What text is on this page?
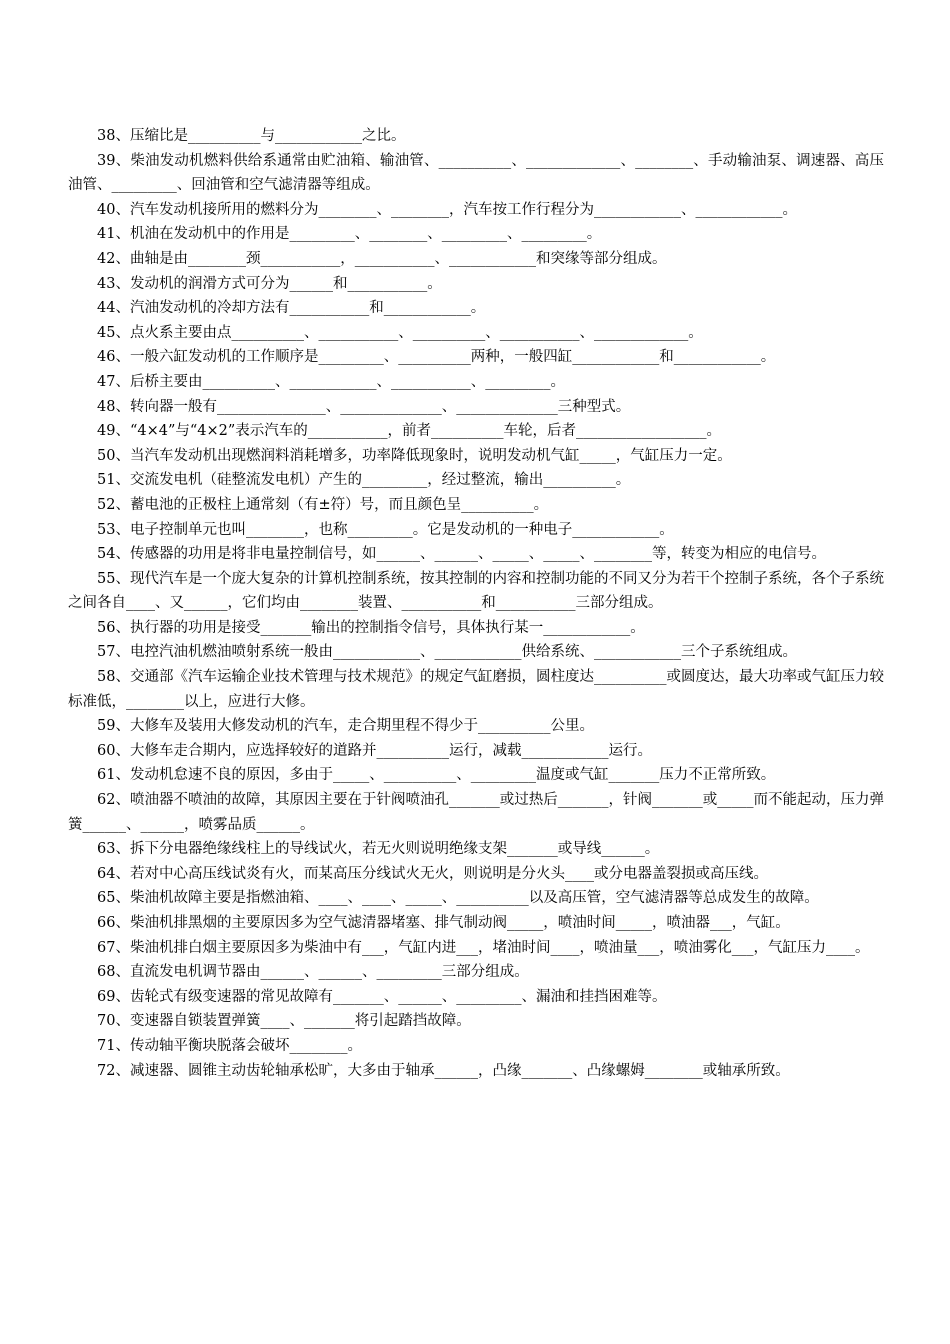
38、压缩比是__________与____________之比。

39、柴油发动机燃料供给系通常由贮油箱、输油管、__________、_____________、________、手动输油泵、调速器、高压油管、_________、回油管和空气滤清器等组成。

40、汽车发动机接所用的燃料分为________、________，汽车按工作行程分为____________、____________。

41、机油在发动机中的作用是_________、________、_________、_________。

42、曲轴是由________颈___________，___________、____________和突缘等部分组成。

43、发动机的润滑方式可分为______和___________。

44、汽油发动机的冷却方法有___________和____________。

45、点火系主要由点__________、___________、__________、___________、_____________。

46、一般六缸发动机的工作顺序是_________、__________两种，一般四缸____________和____________。

47、后桥主要由__________、____________、___________、_________。

48、转向器一般有_______________、______________、______________三种型式。

49、“4×4”与“4×2”表示汽车的___________，前者__________车轮，后者__________________。

50、当汽车发动机出现燃润料消耗增多，功率降低现象时，说明发动机气缸_____，气缸压力一定。

51、交流发电机（硅整流发电机）产生的_________，经过整流，输出__________。

52、蓄电池的正极柱上通常刻（有±符）号，而且颜色呈__________。

53、电子控制单元也叫________，也称_________。它是发动机的一种电子____________。

54、传感器的功用是将非电量控制信号，如______、______、_____、_____、________等，转变为相应的电信号。

55、现代汽车是一个庞大复杂的计算机控制系统，按其控制的内容和控制功能的不同又分为若干个控制子系统，各个子系统之间各自____、又______，它们均由________装置、___________和___________三部分组成。

56、执行器的功用是接受_______输出的控制指令信号，具体执行某一____________。

57、电控汽油机燃油喷射系统一般由____________、____________供给系统、____________三个子系统组成。

58、交通部《汽车运输企业技术管理与技术规范》的规定气缸磨损，圆柱度达__________或圆度达，最大功率或气缸压力较标准低，________以上，应进行大修。

59、大修车及装用大修发动机的汽车，走合期里程不得少于__________公里。

60、大修车走合期内，应选择较好的道路并__________运行，减载____________运行。

61、发动机怠速不良的原因，多由于_____、__________、_________温度或气缸_______压力不正常所致。

62、喷油器不喷油的故障，其原因主要在于针阀喷油孔_______或过热后_______，针阀_______或_____而不能起动，压力弹簧______、______，喷雾品质______。

63、拆下分电器绝缘线柱上的导线试火，若无火则说明绝缘支架_______或导线______。

64、若对中心高压线试炎有火，而某高压分线试火无火，则说明是分火头____或分电器盖裂损或高压线。

65、柴油机故障主要是指燃油箱、____、____、_____、__________以及高压管，空气滤清器等总成发生的故障。

66、柴油机排黑烟的主要原因多为空气滤清器堵塞、排气制动阀_____，喷油时间_____，喷油器___，气缸。

67、柴油机排白烟主要原因多为柴油中有___，气缸内进___，堵油时间____，喷油量___，喷油雾化___，气缸压力____。

68、直流发电机调节器由______、______、_________三部分组成。

69、齿轮式有级变速器的常见故障有_______、______、_________、漏油和挂挡困难等。

70、变速器自锁装置弹簧____、_______将引起踏挡故障。

71、传动轴平衡块脱落会破坏________。

72、减速器、圆锥主动齿轮轴承松旷，大多由于轴承______，凸缘_______、凸缘螺姆________或轴承所致。
